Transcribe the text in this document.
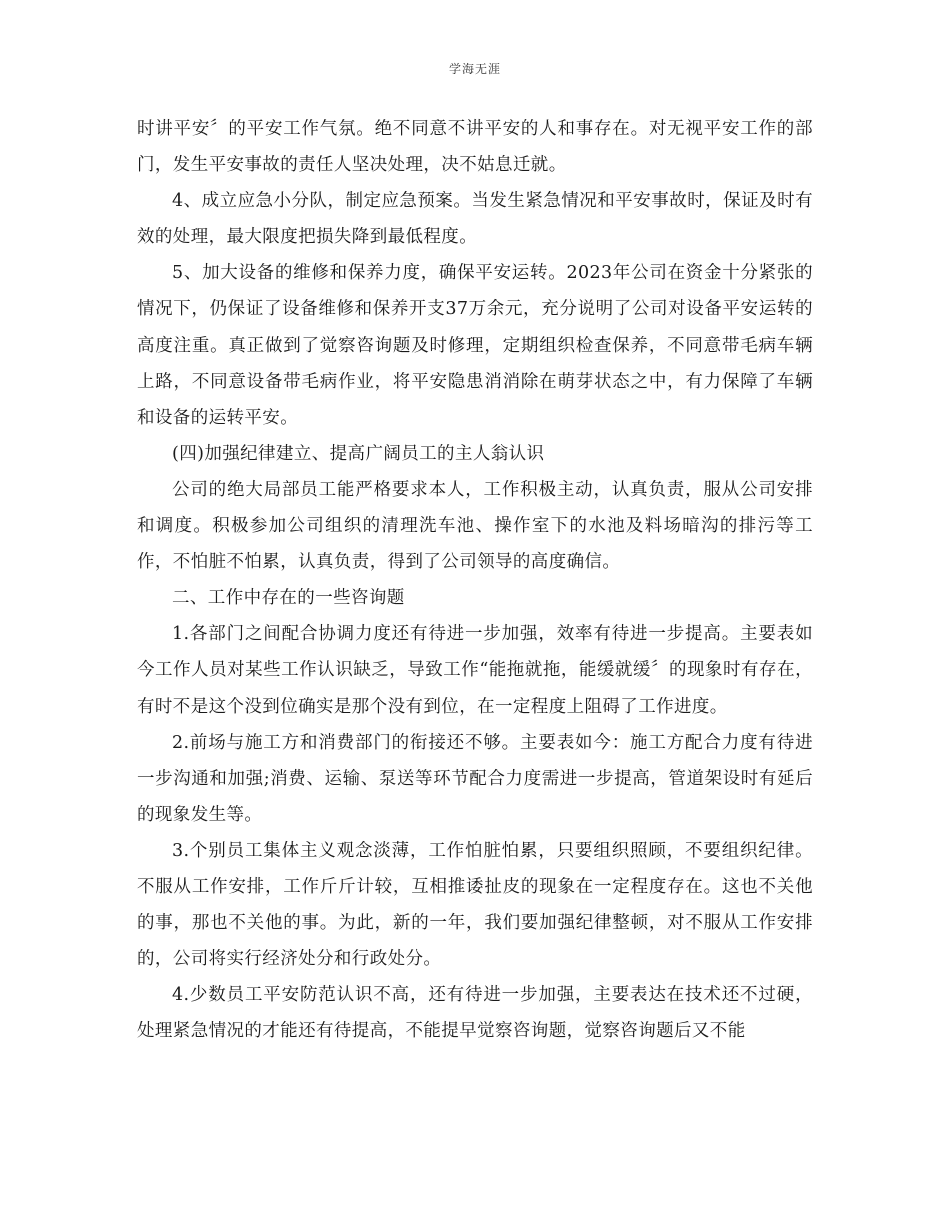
学海无涯

时讲平安〞的平安工作气氛。绝不同意不讲平安的人和事存在。对无视平安工作的部门，发生平安事故的责任人坚决处理，决不姑息迁就。

4、成立应急小分队，制定应急预案。当发生紧急情况和平安事故时，保证及时有效的处理，最大限度把损失降到最低程度。

5、加大设备的维修和保养力度，确保平安运转。2023年公司在资金十分紧张的情况下，仍保证了设备维修和保养开支37万余元，充分说明了公司对设备平安运转的高度注重。真正做到了觉察咨询题及时修理，定期组织检查保养，不同意带毛病车辆上路，不同意设备带毛病作业，将平安隐患消消除在萌芽状态之中，有力保障了车辆和设备的运转平安。

(四)加强纪律建立、提高广阔员工的主人翁认识

公司的绝大局部员工能严格要求本人，工作积极主动，认真负责，服从公司安排和调度。积极参加公司组织的清理洗车池、操作室下的水池及料场暗沟的排污等工作，不怕脏不怕累，认真负责，得到了公司领导的高度确信。

二、工作中存在的一些咨询题

1.各部门之间配合协调力度还有待进一步加强，效率有待进一步提高。主要表如今工作人员对某些工作认识缺乏，导致工作“能拖就拖，能缓就缓〞的现象时有存在，有时不是这个没到位确实是那个没有到位，在一定程度上阻碍了工作进度。

2.前场与施工方和消费部门的衔接还不够。主要表如今：施工方配合力度有待进一步沟通和加强;消费、运输、泵送等环节配合力度需进一步提高，管道架设时有延后的现象发生等。

3.个别员工集体主义观念淡薄，工作怕脏怕累，只要组织照顾，不要组织纪律。不服从工作安排，工作斤斤计较，互相推诿扯皮的现象在一定程度存在。这也不关他的事，那也不关他的事。为此，新的一年，我们要加强纪律整顿，对不服从工作安排的，公司将实行经济处分和行政处分。

4.少数员工平安防范认识不高，还有待进一步加强，主要表达在技术还不过硬，处理紧急情况的才能还有待提高，不能提早觉察咨询题，觉察咨询题后又不能
